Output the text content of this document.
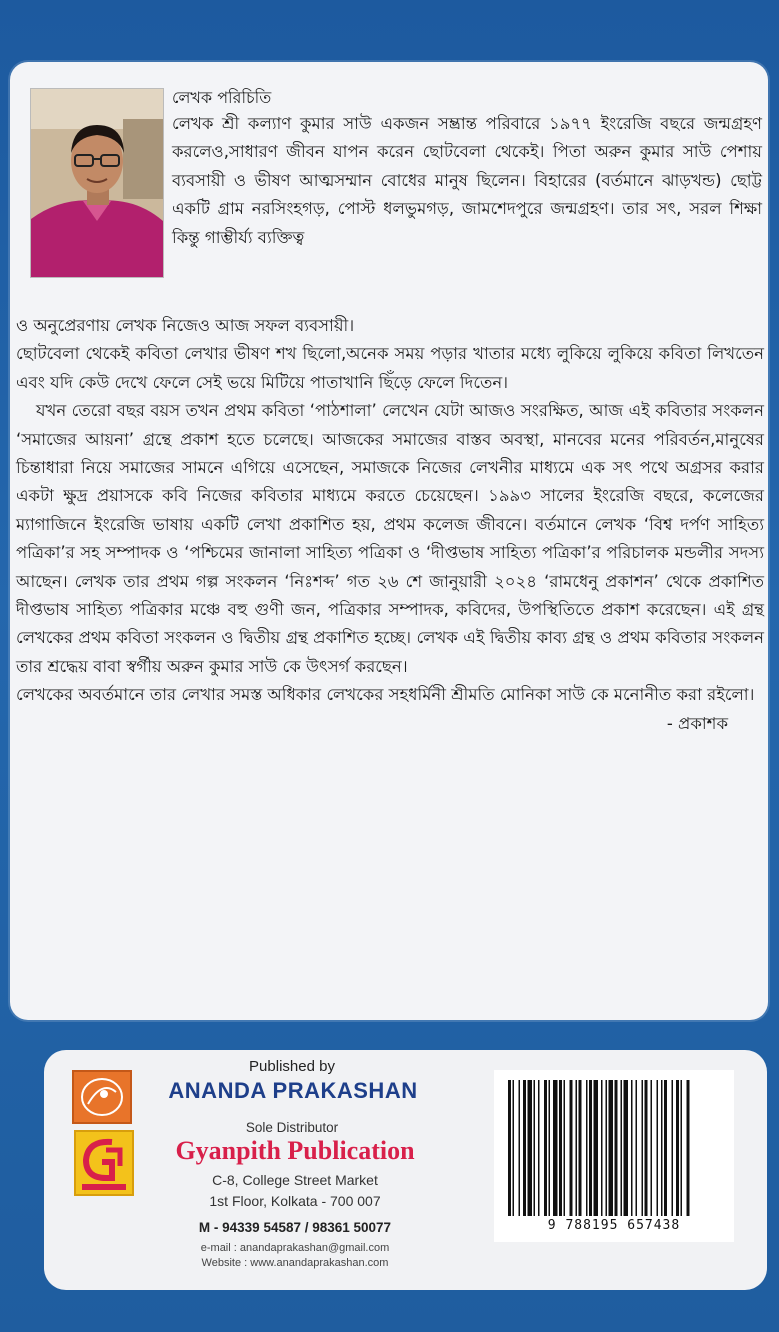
লেখক পরিচিতি
লেখক শ্রী কল্যাণ কুমার সাউ একজন সম্ভ্রান্ত পরিবারে ১৯৭৭ ইংরেজি বছরে জন্মগ্রহণ করলেও,সাধারণ জীবন যাপন করেন ছোটবেলা থেকেই। পিতা অরুন কুমার সাউ পেশায় ব্যবসায়ী ও ভীষণ আত্মসম্মান বোধের মানুষ ছিলেন। বিহারের (বর্তমানে ঝাড়খন্ড) ছোট্ট একটি গ্রাম নরসিংহগড়, পোস্ট ধলভুমগড়, জামশেদপুরে জন্মগ্রহণ। তার সৎ, সরল শিক্ষা কিন্তু গাম্ভীর্য্য ব্যক্তিত্ব

ও অনুপ্রেরণায় লেখক নিজেও আজ সফল ব্যবসায়ী।

ছোটবেলা থেকেই কবিতা লেখার ভীষণ শখ ছিলো,অনেক সময় পড়ার খাতার মধ্যে লুকিয়ে লুকিয়ে কবিতা লিখতেন এবং যদি কেউ দেখে ফেলে সেই ভয়ে মিটিয়ে পাতাখানি ছিঁড়ে ফেলে দিতেন।

যখন তেরো বছর বয়স তখন প্রথম কবিতা ‘পাঠশালা’ লেখেন যেটা আজও সংরক্ষিত, আজ এই কবিতার সংকলন ‘সমাজের আয়না’ গ্রন্থে প্রকাশ হতে চলেছে। আজকের সমাজের বাস্তব অবস্থা, মানবের মনের পরিবর্তন,মানুষের চিন্তাধারা নিয়ে সমাজের সামনে এগিয়ে এসেছেন, সমাজকে নিজের লেখনীর মাধ্যমে এক সৎ পথে অগ্রসর করার একটা ক্ষুদ্র প্রয়াসকে কবি নিজের কবিতার মাধ্যমে করতে চেয়েছেন। ১৯৯৩ সালের ইংরেজি বছরে, কলেজের ম্যাগাজিনে ইংরেজি ভাষায় একটি লেখা প্রকাশিত হয়, প্রথম কলেজ জীবনে। বর্তমানে লেখক ‘বিশ্ব দর্পণ সাহিত্য পত্রিকা’র সহ সম্পাদক ও ‘পশ্চিমের জানালা সাহিত্য পত্রিকা ও ‘দীপ্তভাষ সাহিত্য পত্রিকা’র পরিচালক মন্ডলীর সদস্য আছেন। লেখক তার প্রথম গল্প সংকলন ‘নিঃশব্দ’ গত ২৬ শে জানুয়ারী ২০২৪ ‘রামধেনু প্রকাশন’ থেকে প্রকাশিত দীপ্তভাষ সাহিত্য পত্রিকার মঞ্চে বহু গুণী জন, পত্রিকার সম্পাদক, কবিদের, উপস্থিতিতে প্রকাশ করেছেন। এই গ্রন্থ লেখকের প্রথম কবিতা সংকলন ও দ্বিতীয় গ্রন্থ প্রকাশিত হচ্ছে। লেখক এই দ্বিতীয় কাব্য গ্রন্থ ও প্রথম কবিতার সংকলন তার শ্রদ্ধেয় বাবা স্বর্গীয় অরুন কুমার সাউ কে উৎসর্গ করছেন।

লেখকের অবর্তমানে তার লেখার সমস্ত অধিকার লেখকের সহধর্মিনী শ্রীমতি মোনিকা সাউ কে মনোনীত করা রইলো।

- প্রকাশক

Published by
ANANDA PRAKASHAN
Sole Distributor
Gyanpith Publication
C-8, College Street Market
1st Floor, Kolkata - 700 007
M - 94339 54587 / 98361 50077
e-mail : anandaprakashan@gmail.com
Website : www.anandaprakashan.com
9 788195 657438
